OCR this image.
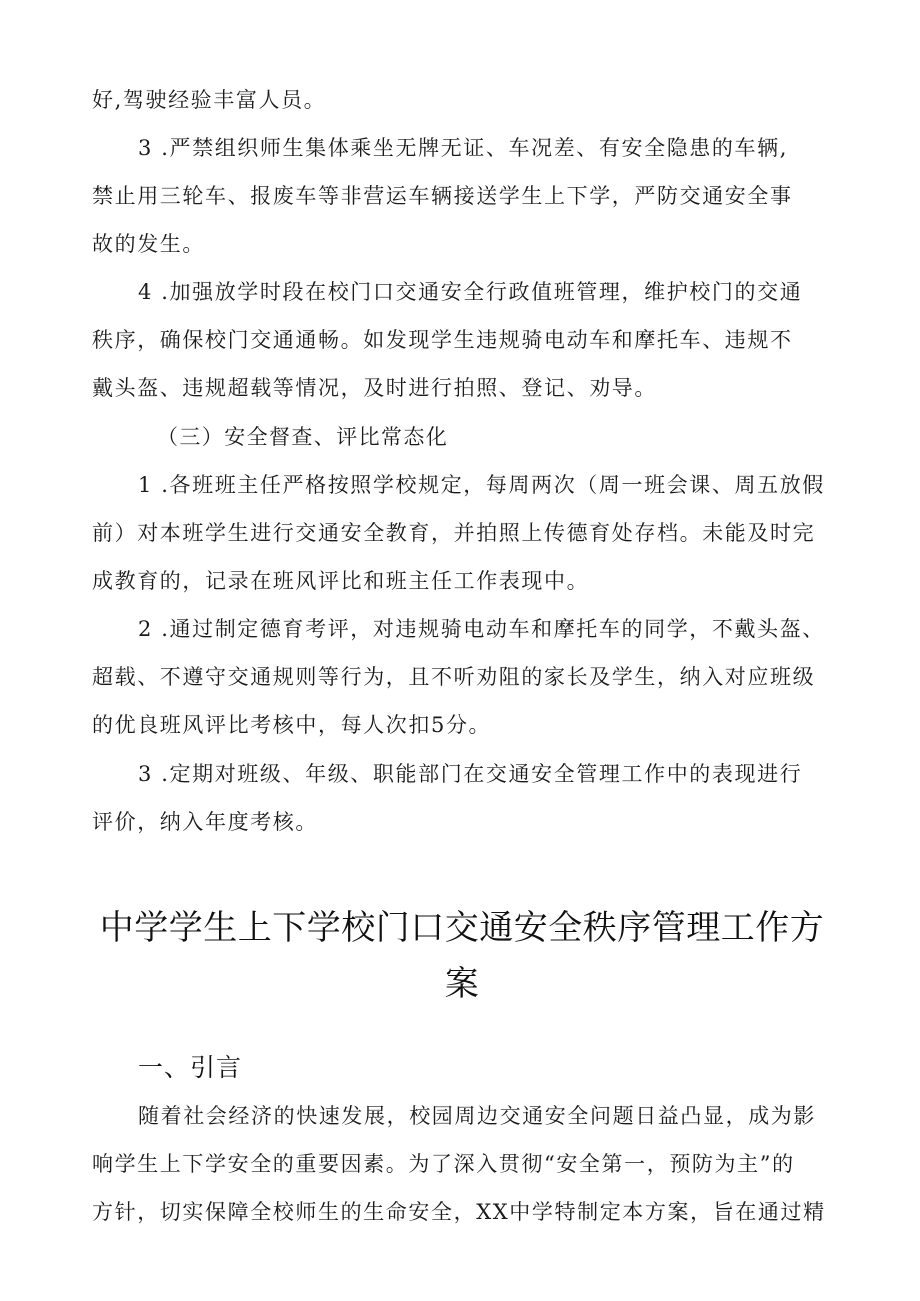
好,驾驶经验丰富人员。

3 .严禁组织师生集体乘坐无牌无证、车况差、有安全隐患的车辆,
禁止用三轮车、报废车等非营运车辆接送学生上下学，严防交通安全事
故的发生。

4 .加强放学时段在校门口交通安全行政值班管理，维护校门的交通
秩序，确保校门交通通畅。如发现学生违规骑电动车和摩托车、违规不
戴头盔、违规超载等情况，及时进行拍照、登记、劝导。

（三）安全督查、评比常态化

1 .各班班主任严格按照学校规定，每周两次（周一班会课、周五放假
前）对本班学生进行交通安全教育，并拍照上传德育处存档。未能及时完
成教育的，记录在班风评比和班主任工作表现中。

2 .通过制定德育考评，对违规骑电动车和摩托车的同学，不戴头盔、
超载、不遵守交通规则等行为，且不听劝阻的家长及学生，纳入对应班级
的优良班风评比考核中，每人次扣5分。

3 .定期对班级、年级、职能部门在交通安全管理工作中的表现进行
评价，纳入年度考核。

中学学生上下学校门口交通安全秩序管理工作方
案
一、引言

随着社会经济的快速发展，校园周边交通安全问题日益凸显，成为影
响学生上下学安全的重要因素。为了深入贯彻“安全第一，预防为主”的
方针，切实保障全校师生的生命安全，XX中学特制定本方案，旨在通过精
